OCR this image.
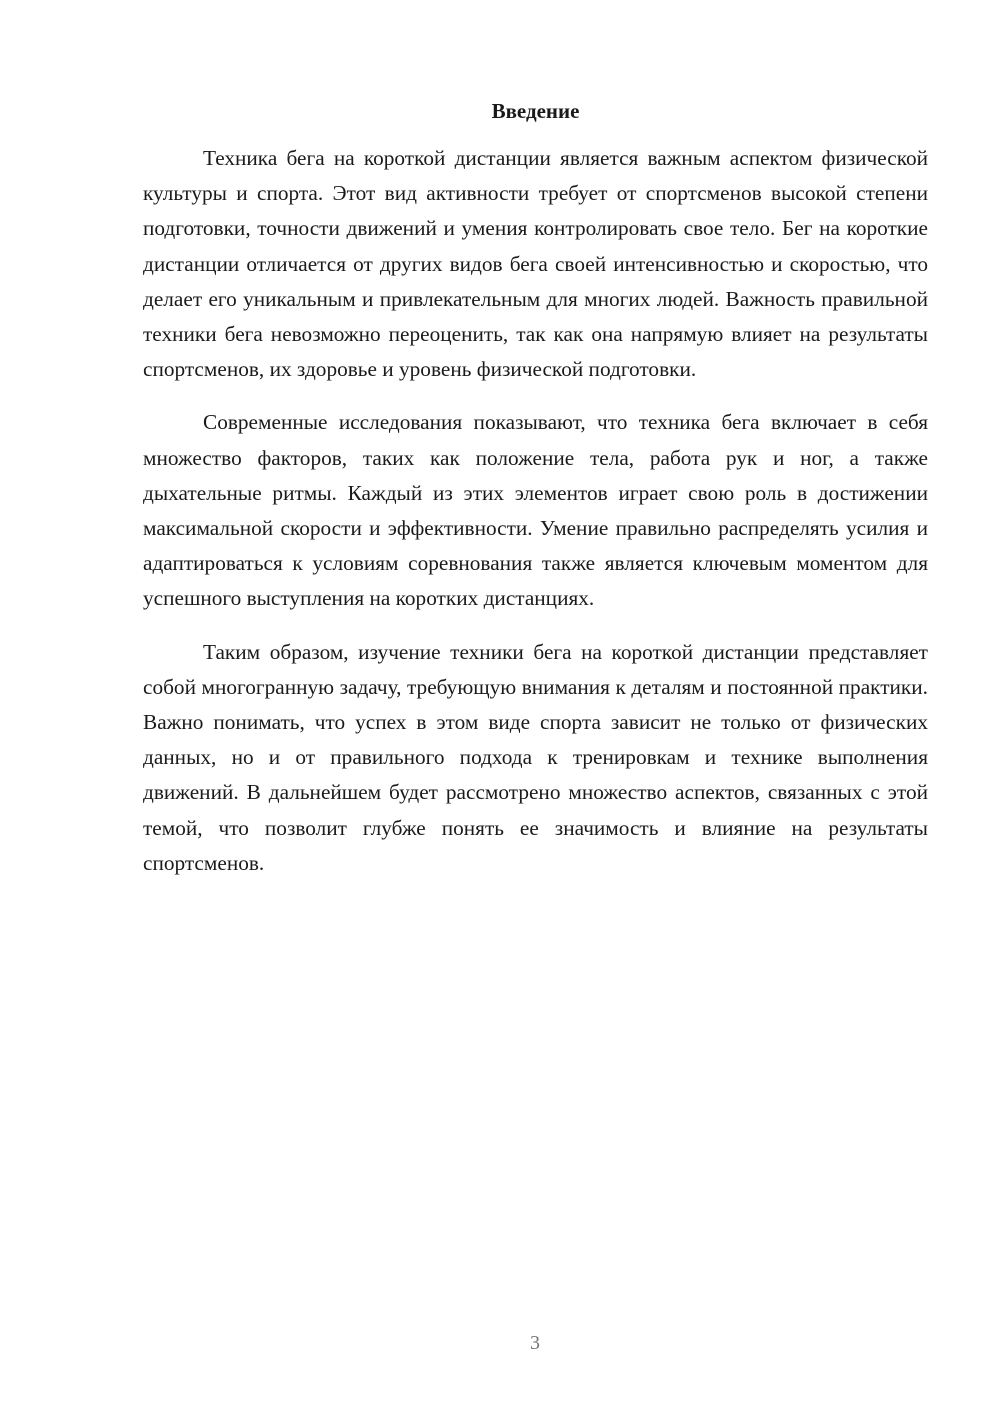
Введение

Техника бега на короткой дистанции является важным аспектом физической культуры и спорта. Этот вид активности требует от спортсменов высокой степени подготовки, точности движений и умения контролировать свое тело. Бег на короткие дистанции отличается от других видов бега своей интенсивностью и скоростью, что делает его уникальным и привлекательным для многих людей. Важность правильной техники бега невозможно переоценить, так как она напрямую влияет на результаты спортсменов, их здоровье и уровень физической подготовки.

Современные исследования показывают, что техника бега включает в себя множество факторов, таких как положение тела, работа рук и ног, а также дыхательные ритмы. Каждый из этих элементов играет свою роль в достижении максимальной скорости и эффективности. Умение правильно распределять усилия и адаптироваться к условиям соревнования также является ключевым моментом для успешного выступления на коротких дистанциях.

Таким образом, изучение техники бега на короткой дистанции представляет собой многогранную задачу, требующую внимания к деталям и постоянной практики. Важно понимать, что успех в этом виде спорта зависит не только от физических данных, но и от правильного подхода к тренировкам и технике выполнения движений. В дальнейшем будет рассмотрено множество аспектов, связанных с этой темой, что позволит глубже понять ее значимость и влияние на результаты спортсменов.

3
